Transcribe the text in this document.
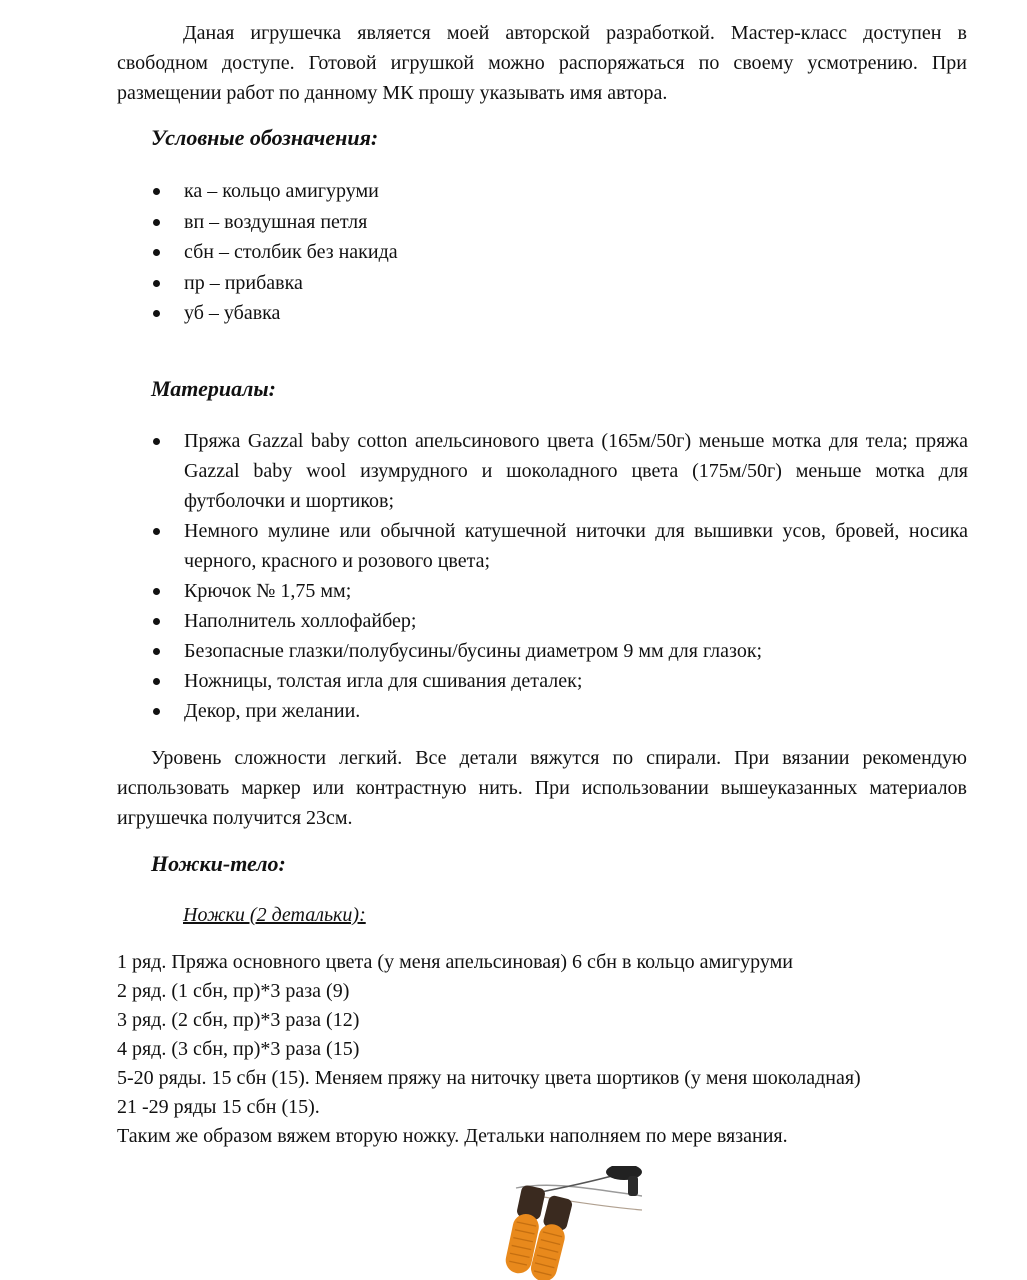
Даная игрушечка является моей авторской разработкой. Мастер-класс доступен в свободном доступе. Готовой игрушкой можно распоряжаться по своему усмотрению. При размещении работ по данному МК прошу указывать имя автора.

Условные обозначения:
ка – кольцо амигуруми
вп – воздушная петля
сбн – столбик без накида
пр – прибавка
уб – убавка
Материалы:
Пряжа Gazzal baby cotton апельсинового цвета (165м/50г) меньше мотка для тела; пряжа Gazzal baby wool изумрудного и шоколадного цвета (175м/50г) меньше мотка для футболочки и шортиков;
Немного мулине или обычной катушечной ниточки для вышивки усов, бровей, носика черного, красного и розового цвета;
Крючок № 1,75 мм;
Наполнитель холлофайбер;
Безопасные глазки/полубусины/бусины диаметром 9 мм для глазок;
Ножницы, толстая игла для сшивания деталек;
Декор, при желании.

Уровень сложности легкий. Все детали вяжутся по спирали. При вязании рекомендую использовать маркер или контрастную нить. При использовании вышеуказанных материалов игрушечка получится 23см.

Ножки-тело:
Ножки (2 детальки):
1 ряд. Пряжа основного цвета (у меня апельсиновая) 6 сбн в кольцо амигуруми
2 ряд. (1 сбн, пр)*3 раза (9)
3 ряд. (2 сбн, пр)*3 раза (12)
4 ряд. (3 сбн, пр)*3 раза (15)
5-20 ряды. 15 сбн (15). Меняем пряжу на ниточку цвета шортиков (у меня шоколадная)
21 -29 ряды 15 сбн (15).
Таким же образом вяжем вторую ножку. Детальки наполняем по мере вязания.
